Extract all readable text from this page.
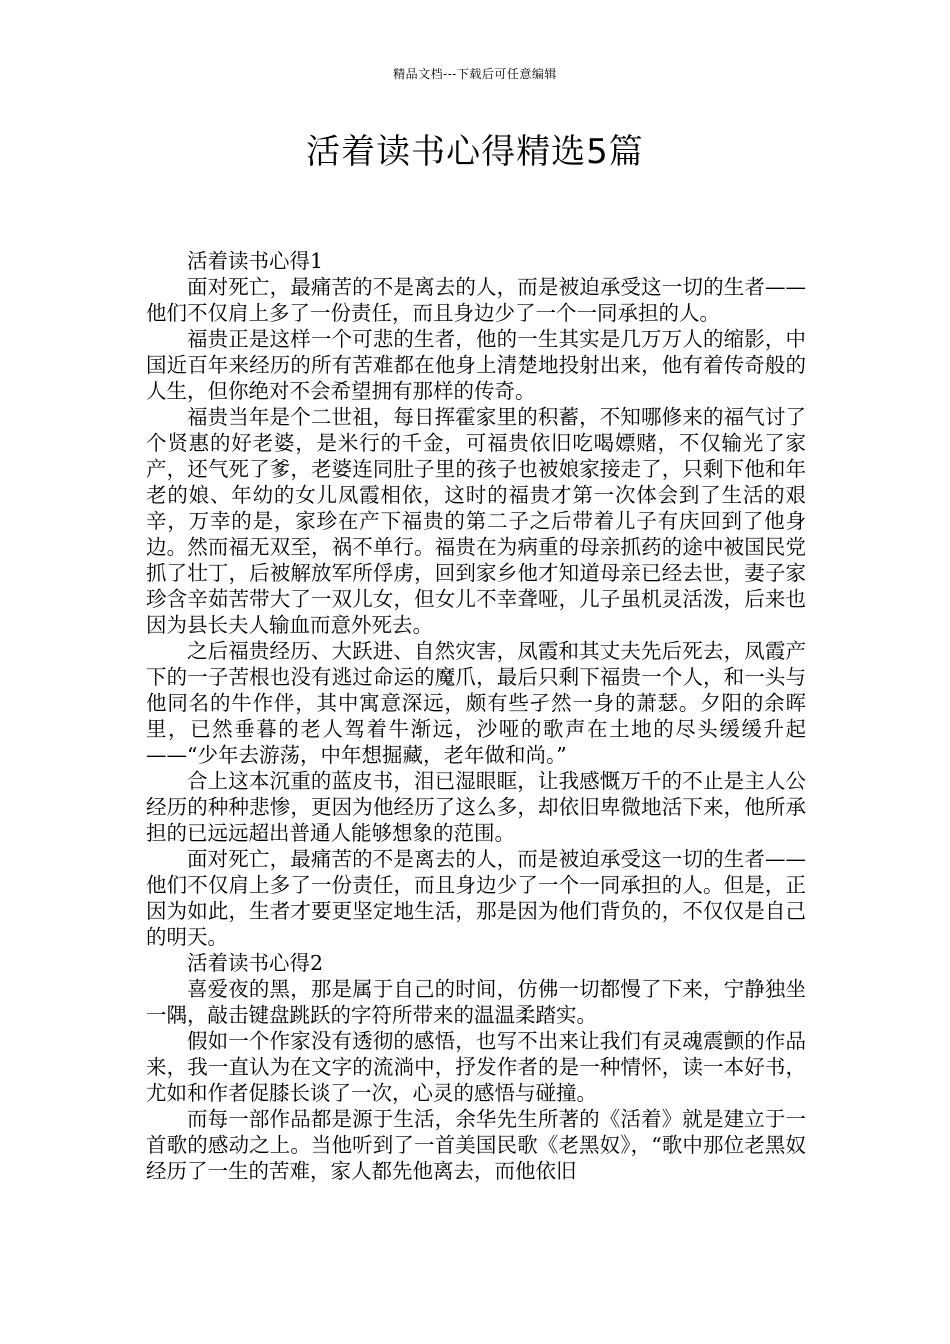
精品文档---下载后可任意编辑
活着读书心得精选5篇

活着读书心得1

面对死亡，最痛苦的不是离去的人，而是被迫承受这一切的生者——他们不仅肩上多了一份责任，而且身边少了一个一同承担的人。

福贵正是这样一个可悲的生者，他的一生其实是几万万人的缩影，中国近百年来经历的所有苦难都在他身上清楚地投射出来，他有着传奇般的人生，但你绝对不会希望拥有那样的传奇。

福贵当年是个二世祖，每日挥霍家里的积蓄，不知哪修来的福气讨了个贤惠的好老婆，是米行的千金，可福贵依旧吃喝嫖赌，不仅输光了家产，还气死了爹，老婆连同肚子里的孩子也被娘家接走了，只剩下他和年老的娘、年幼的女儿凤霞相依，这时的福贵才第一次体会到了生活的艰辛，万幸的是，家珍在产下福贵的第二子之后带着儿子有庆回到了他身边。然而福无双至，祸不单行。福贵在为病重的母亲抓药的途中被国民党抓了壮丁，后被解放军所俘虏，回到家乡他才知道母亲已经去世，妻子家珍含辛茹苦带大了一双儿女，但女儿不幸聋哑，儿子虽机灵活泼，后来也因为县长夫人输血而意外死去。

之后福贵经历、大跃进、自然灾害，凤霞和其丈夫先后死去，凤霞产下的一子苦根也没有逃过命运的魔爪，最后只剩下福贵一个人，和一头与他同名的牛作伴，其中寓意深远，颇有些孑然一身的萧瑟。夕阳的余晖里，已然垂暮的老人驾着牛渐远，沙哑的歌声在土地的尽头缓缓升起——“少年去游荡，中年想掘藏，老年做和尚。”

合上这本沉重的蓝皮书，泪已湿眼眶，让我感慨万千的不止是主人公经历的种种悲惨，更因为他经历了这么多，却依旧卑微地活下来，他所承担的已远远超出普通人能够想象的范围。

面对死亡，最痛苦的不是离去的人，而是被迫承受这一切的生者——他们不仅肩上多了一份责任，而且身边少了一个一同承担的人。但是，正因为如此，生者才要更坚定地生活，那是因为他们背负的，不仅仅是自己的明天。

活着读书心得2

喜爱夜的黑，那是属于自己的时间，仿佛一切都慢了下来，宁静独坐一隅，敲击键盘跳跃的字符所带来的温温柔踏实。

假如一个作家没有透彻的感悟，也写不出来让我们有灵魂震颤的作品来，我一直认为在文字的流淌中，抒发作者的是一种情怀，读一本好书，尤如和作者促膝长谈了一次，心灵的感悟与碰撞。

而每一部作品都是源于生活，余华先生所著的《活着》就是建立于一首歌的感动之上。当他听到了一首美国民歌《老黑奴》，“歌中那位老黑奴经历了一生的苦难，家人都先他离去，而他依旧
